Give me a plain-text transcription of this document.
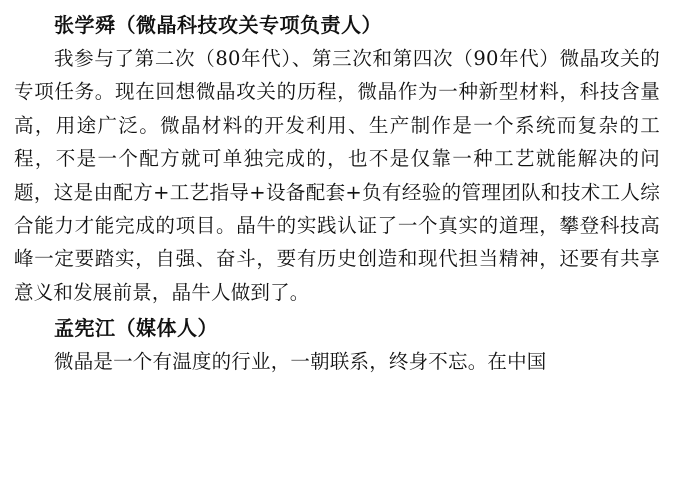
张学舜（微晶科技攻关专项负责人）
我参与了第二次（80年代）、第三次和第四次（90年代）微晶攻关的专项任务。现在回想微晶攻关的历程，微晶作为一种新型材料，科技含量高，用途广泛。微晶材料的开发利用、生产制作是一个系统而复杂的工程，不是一个配方就可单独完成的，也不是仅靠一种工艺就能解决的问题，这是由配方+工艺指导+设备配套+负有经验的管理团队和技术工人综合能力才能完成的项目。晶牛的实践认证了一个真实的道理，攀登科技高峰一定要踏实，自强、奋斗，要有历史创造和现代担当精神，还要有共享意义和发展前景，晶牛人做到了。
孟宪江（媒体人）
微晶是一个有温度的行业，一朝联系，终身不忘。在中国
